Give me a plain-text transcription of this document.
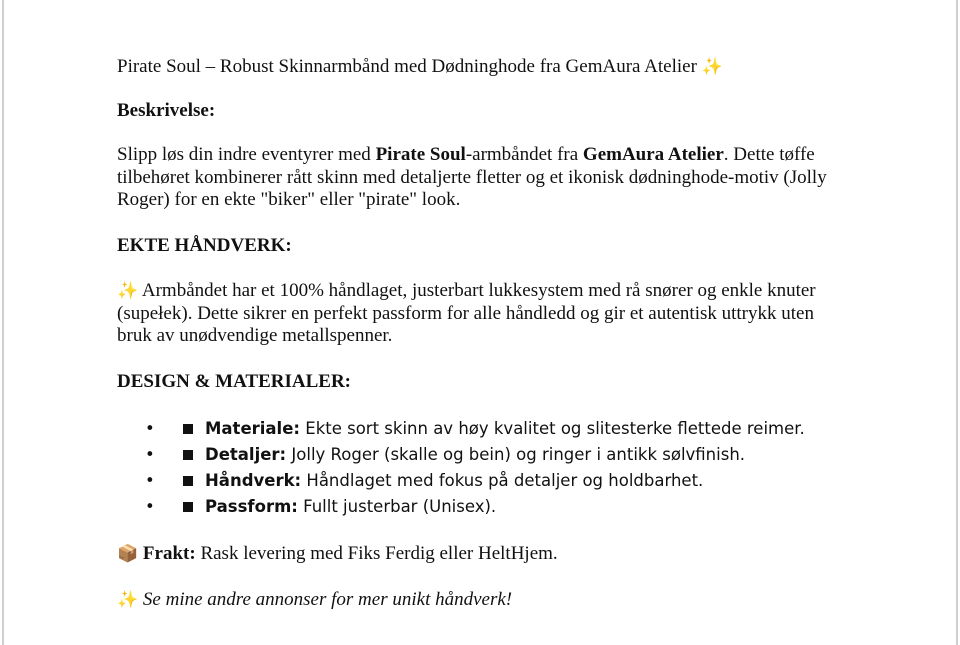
Pirate Soul – Robust Skinnarmbånd med Dødninghode fra GemAura Atelier ✨

Beskrivelse:

Slipp løs din indre eventyrer med Pirate Soul-armbåndet fra GemAura Atelier. Dette tøffe tilbehøret kombinerer rått skinn med detaljerte fletter og et ikonisk dødninghode-motiv (Jolly Roger) for en ekte "biker" eller "pirate" look.

EKTE HÅNDVERK:

✨ Armbåndet har et 100% håndlaget, justerbart lukkesystem med rå snører og enkle knuter (supełek). Dette sikrer en perfekt passform for alle håndledd og gir et autentisk uttrykk uten bruk av unødvendige metallspenner.

DESIGN & MATERIALER:

•	Materiale: Ekte sort skinn av høy kvalitet og slitesterke flettede reimer.
•	Detaljer: Jolly Roger (skalle og bein) og ringer i antikk sølvfinish.
•	Håndverk: Håndlaget med fokus på detaljer og holdbarhet.
•	Passform: Fullt justerbar (Unisex).

📦 Frakt: Rask levering med Fiks Ferdig eller HeltHjem.

✨ Se mine andre annonser for mer unikt håndverk!
